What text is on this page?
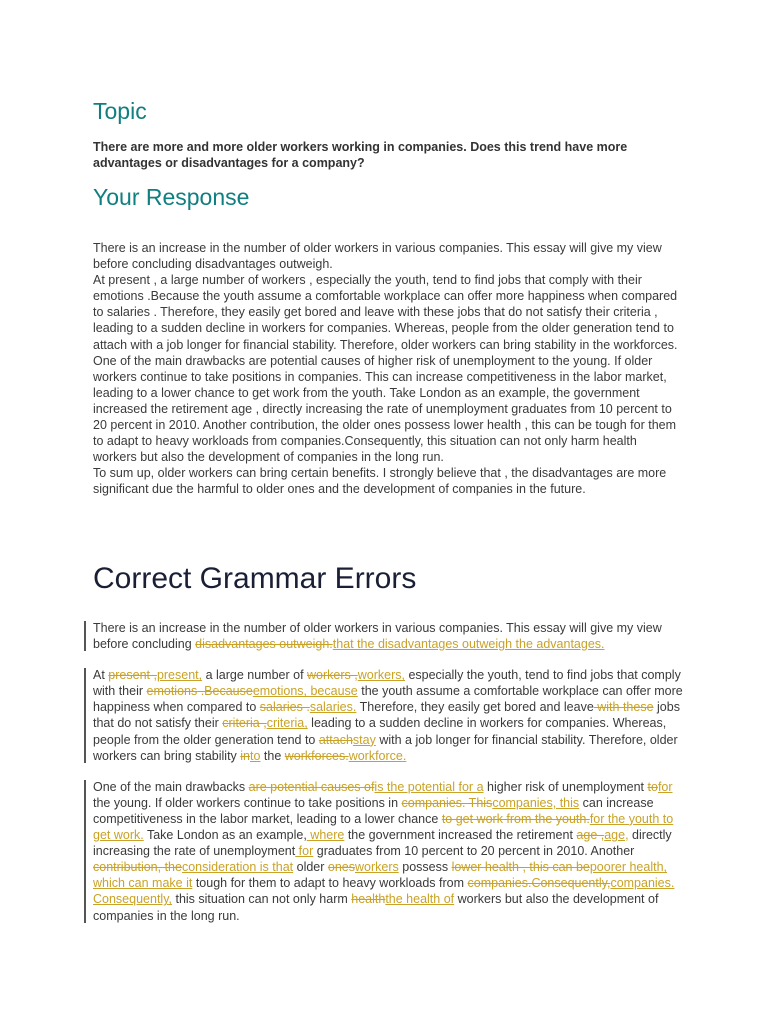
Topic
There are more and more older workers working in companies. Does this trend have more advantages or disadvantages for a company?
Your Response

There is an increase in the number of older workers in various companies. This essay will give my view before concluding disadvantages outweigh.

At present , a large number of workers , especially the youth, tend to find jobs that comply with their emotions .Because the youth assume a comfortable workplace can offer more happiness when compared to salaries . Therefore, they easily get bored and leave with these jobs that do not satisfy their criteria , leading to a sudden decline in workers for companies. Whereas, people from the older generation tend to attach with a job longer for financial stability. Therefore, older workers can bring stability in the workforces.

One of the main drawbacks are potential causes of higher risk of unemployment to the young. If older workers continue to take positions in companies. This can increase competitiveness in the labor market, leading to a lower chance to get work from the youth. Take London as an example, the government increased the retirement age , directly increasing the rate of unemployment graduates from 10 percent to 20 percent in 2010. Another contribution, the older ones possess lower health , this can be tough for them to adapt to heavy workloads from companies.Consequently, this situation can not only harm health workers but also the development of companies in the long run.

To sum up, older workers can bring certain benefits. I strongly believe that , the disadvantages are more significant due the harmful to older ones and the development of companies in the future.

Correct Grammar Errors
There is an increase in the number of older workers in various companies. This essay will give my view before concluding disadvantages outweigh.that the disadvantages outweigh the advantages.
At present ,present, a large number of workers ,workers, especially the youth, tend to find jobs that comply with their emotions .Becauseemotions, because the youth assume a comfortable workplace can offer more happiness when compared to salaries .salaries. Therefore, they easily get bored and leave with these jobs that do not satisfy their criteria ,criteria, leading to a sudden decline in workers for companies. Whereas, people from the older generation tend to attachstay with a job longer for financial stability. Therefore, older workers can bring stability into the workforces.workforce.
One of the main drawbacks are potential causes ofis the potential for a higher risk of unemployment tofor the young. If older workers continue to take positions in companies. Thiscompanies, this can increase competitiveness in the labor market, leading to a lower chance to get work from the youth.for the youth to get work. Take London as an example, where the government increased the retirement age ,age, directly increasing the rate of unemployment for graduates from 10 percent to 20 percent in 2010. Another contribution, theconsideration is that older onesworkers possess lower health , this can bepoorer health, which can make it tough for them to adapt to heavy workloads from companies.Consequently,companies. Consequently, this situation can not only harm healththe health of workers but also the development of companies in the long run.
